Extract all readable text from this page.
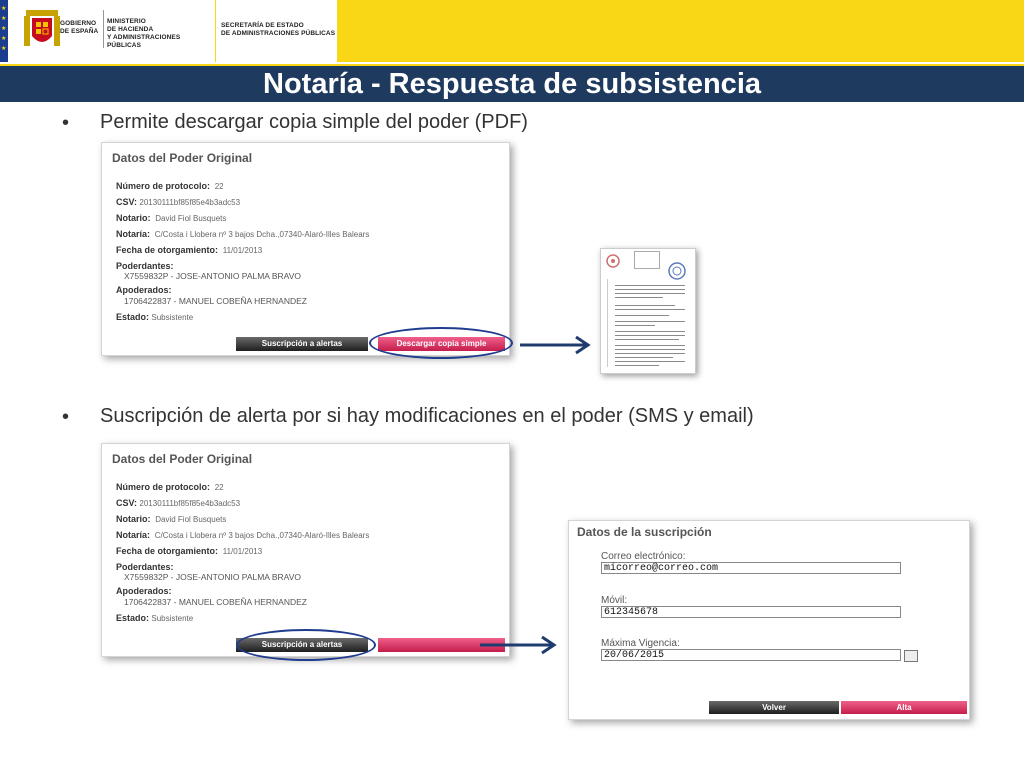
★
★
★
★
★
GOBIERNO
DE ESPAÑA
MINISTERIO
DE HACIENDA
Y ADMINISTRACIONES PÚBLICAS
SECRETARÍA DE ESTADO
DE ADMINISTRACIONES PÚBLICAS
Notaría - Respuesta de subsistencia
• Permite descargar copia simple del poder (PDF)
Datos del Poder Original
Número de protocolo: 22
CSV: 20130111bf85f85e4b3adc53
Notario: David Fiol Busquets
Notaría: C/Costa i Llobera nº 3 bajos Dcha.,07340-Alaró-Illes Balears
Fecha de otorgamiento: 11/01/2013
Poderdantes:
X7559832P - JOSE-ANTONIO PALMA BRAVO
Apoderados:
1706422837 - MANUEL COBEÑA HERNANDEZ
Estado: Subsistente
Suscripción a alertas	Descargar copia simple
• Suscripción de alerta por si hay modificaciones en el poder (SMS y email)
Datos del Poder Original
Número de protocolo: 22
CSV: 20130111bf85f85e4b3adc53
Notario: David Fiol Busquets
Notaría: C/Costa i Llobera nº 3 bajos Dcha.,07340-Alaró-Illes Balears
Fecha de otorgamiento: 11/01/2013
Poderdantes:
X7559832P - JOSE-ANTONIO PALMA BRAVO
Apoderados:
1706422837 - MANUEL COBEÑA HERNANDEZ
Estado: Subsistente
Suscripción a alertas
Datos de la suscripción
Correo electrónico:
micorreo@correo.com
Móvil:
612345678
Máxima Vigencia:
20/06/2015
Volver	Alta
